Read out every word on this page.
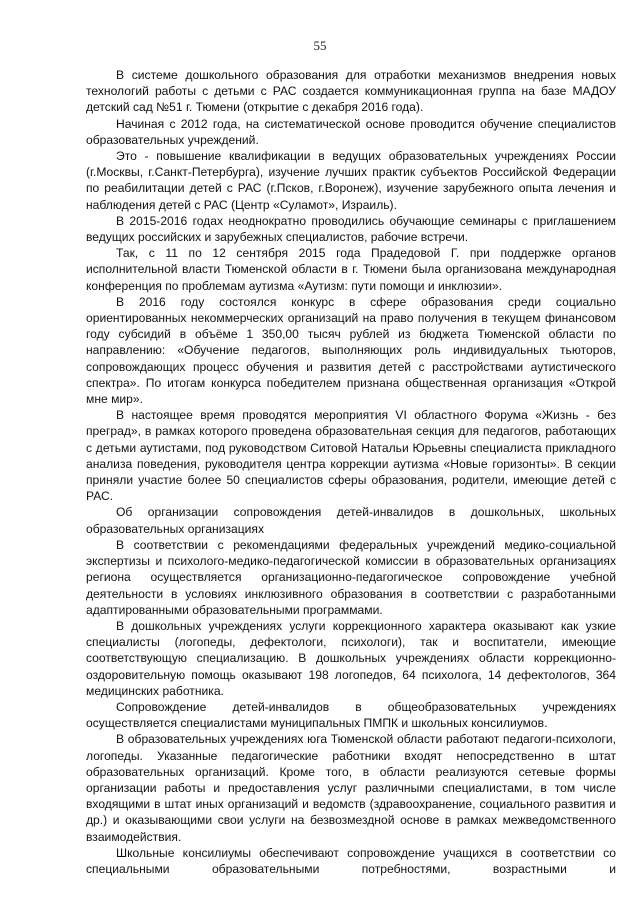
55

В системе дошкольного образования для отработки механизмов внедрения новых технологий работы с детьми с РАС создается коммуникационная группа на базе МАДОУ детский сад №51 г. Тюмени (открытие с декабря 2016 года).

Начиная с 2012 года, на систематической основе проводится обучение специалистов образовательных учреждений.

Это - повышение квалификации в ведущих образовательных учреждениях России (г.Москвы, г.Санкт-Петербурга), изучение лучших практик субъектов Российской Федерации по реабилитации детей с РАС (г.Псков, г.Воронеж), изучение зарубежного опыта лечения и наблюдения детей с РАС (Центр «Суламот», Израиль).

В 2015-2016 годах неоднократно проводились обучающие семинары с приглашением ведущих российских и зарубежных специалистов, рабочие встречи.

Так, с 11 по 12 сентября 2015 года Прадедовой Г. при поддержке органов исполнительной власти Тюменской области в г. Тюмени была организована международная конференция по проблемам аутизма «Аутизм: пути помощи и инклюзии».

В 2016 году состоялся конкурс в сфере образования среди социально ориентированных некоммерческих организаций на право получения в текущем финансовом году субсидий в объёме 1 350,00 тысяч рублей из бюджета Тюменской области по направлению: «Обучение педагогов, выполняющих роль индивидуальных тьюторов, сопровождающих процесс обучения и развития детей с расстройствами аутистического спектра». По итогам конкурса победителем признана общественная организация «Открой мне мир».

В настоящее время проводятся мероприятия VI областного Форума «Жизнь - без преград», в рамках которого проведена образовательная секция для педагогов, работающих с детьми аутистами, под руководством Ситовой Натальи Юрьевны специалиста прикладного анализа поведения, руководителя центра коррекции аутизма «Новые горизонты». В секции приняли участие более 50 специалистов сферы образования, родители, имеющие детей с РАС.

Об организации сопровождения детей-инвалидов в дошкольных, школьных образовательных организациях

В соответствии с рекомендациями федеральных учреждений медико-социальной экспертизы и психолого-медико-педагогической комиссии в образовательных организациях региона осуществляется организационно-педагогическое сопровождение учебной деятельности в условиях инклюзивного образования в соответствии с разработанными адаптированными образовательными программами.

В дошкольных учреждениях услуги коррекционного характера оказывают как узкие специалисты (логопеды, дефектологи, психологи), так и воспитатели, имеющие соответствующую специализацию. В дошкольных учреждениях области коррекционно-оздоровительную помощь оказывают 198 логопедов, 64 психолога, 14 дефектологов, 364 медицинских работника.

Сопровождение детей-инвалидов в общеобразовательных учреждениях осуществляется специалистами муниципальных ПМПК и школьных консилиумов.

В образовательных учреждениях юга Тюменской области работают педагоги-психологи, логопеды. Указанные педагогические работники входят непосредственно в штат образовательных организаций. Кроме того, в области реализуются сетевые формы организации работы и предоставления услуг различными специалистами, в том числе входящими в штат иных организаций и ведомств (здравоохранение, социального развития и др.) и оказывающими свои услуги на безвозмездной основе в рамках межведомственного взаимодействия.

Школьные консилиумы обеспечивают сопровождение учащихся в соответствии со специальными образовательными потребностями, возрастными и
